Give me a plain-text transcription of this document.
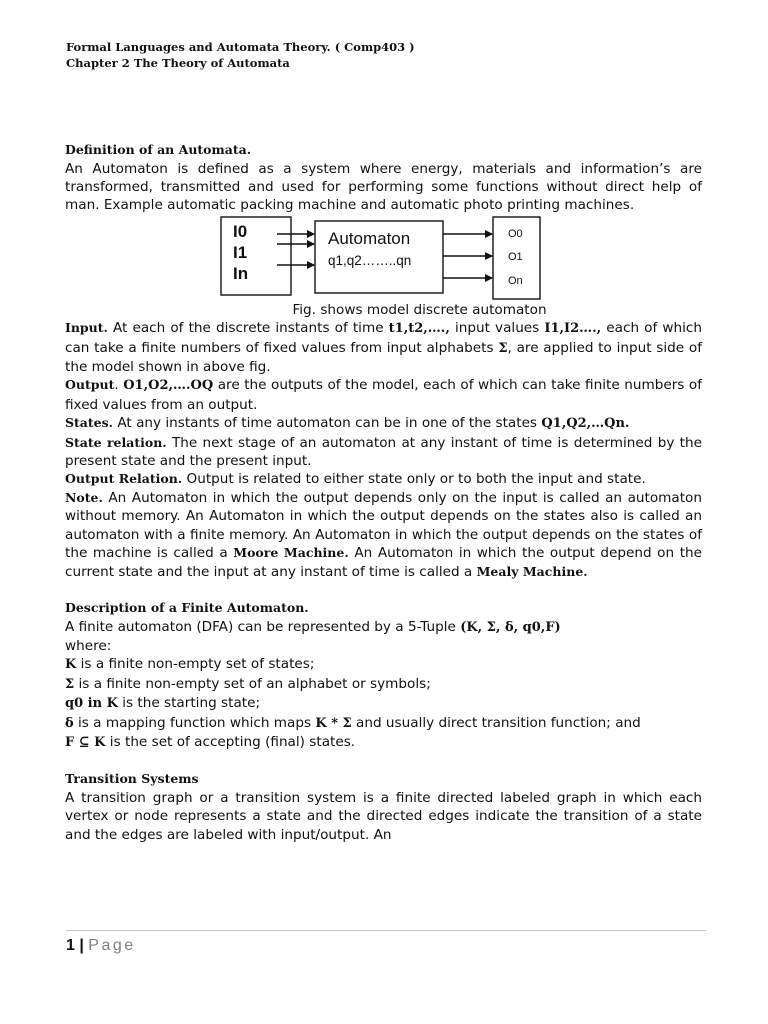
Formal Languages and Automata Theory. ( Comp403 )
Chapter 2 The Theory of Automata

Definition of an Automata.

An Automaton is defined as a system where energy, materials and information’s are transformed, transmitted and used for performing some functions without direct help of man. Example automatic packing machine and automatic photo printing machines.

I0
I1
In
Automaton
q1,q2……..qn
O0
O1
On

Fig. shows model discrete automaton

Input. At each of the discrete instants of time t1,t2,…., input values I1,I2…., each of which can take a finite numbers of fixed values from input alphabets Σ, are applied to input side of the model shown in above fig.

Output. O1,O2,….OQ are the outputs of the model, each of which can take finite numbers of fixed values from an output.

States. At any instants of time automaton can be in one of the states Q1,Q2,…Qn.

State relation. The next stage of an automaton at any instant of time is determined by the present state and the present input.

Output Relation. Output is related to either state only or to both the input and state.

Note. An Automaton in which the output depends only on the input is called an automaton without memory. An Automaton in which the output depends on the states also is called an automaton with a finite memory. An Automaton in which the output depends on the states of the machine is called a Moore Machine. An Automaton in which the output depend on the current state and the input at any instant of time is called a Mealy Machine.

Description of a Finite Automaton.

A finite automaton (DFA) can be represented by a 5-Tuple (K, Σ, δ, q0,F)

where:

K is a finite non-empty set of states;

Σ is a finite non-empty set of an alphabet or symbols;

q0 in K is the starting state;

δ is a mapping function which maps K * Σ and usually direct transition function; and

F ⊆ K is the set of accepting (final) states.

Transition Systems

A transition graph or a transition system is a finite directed labeled graph in which each vertex or node represents a state and the directed edges indicate the transition of a state and the edges are labeled with input/output. An

1 | Page
